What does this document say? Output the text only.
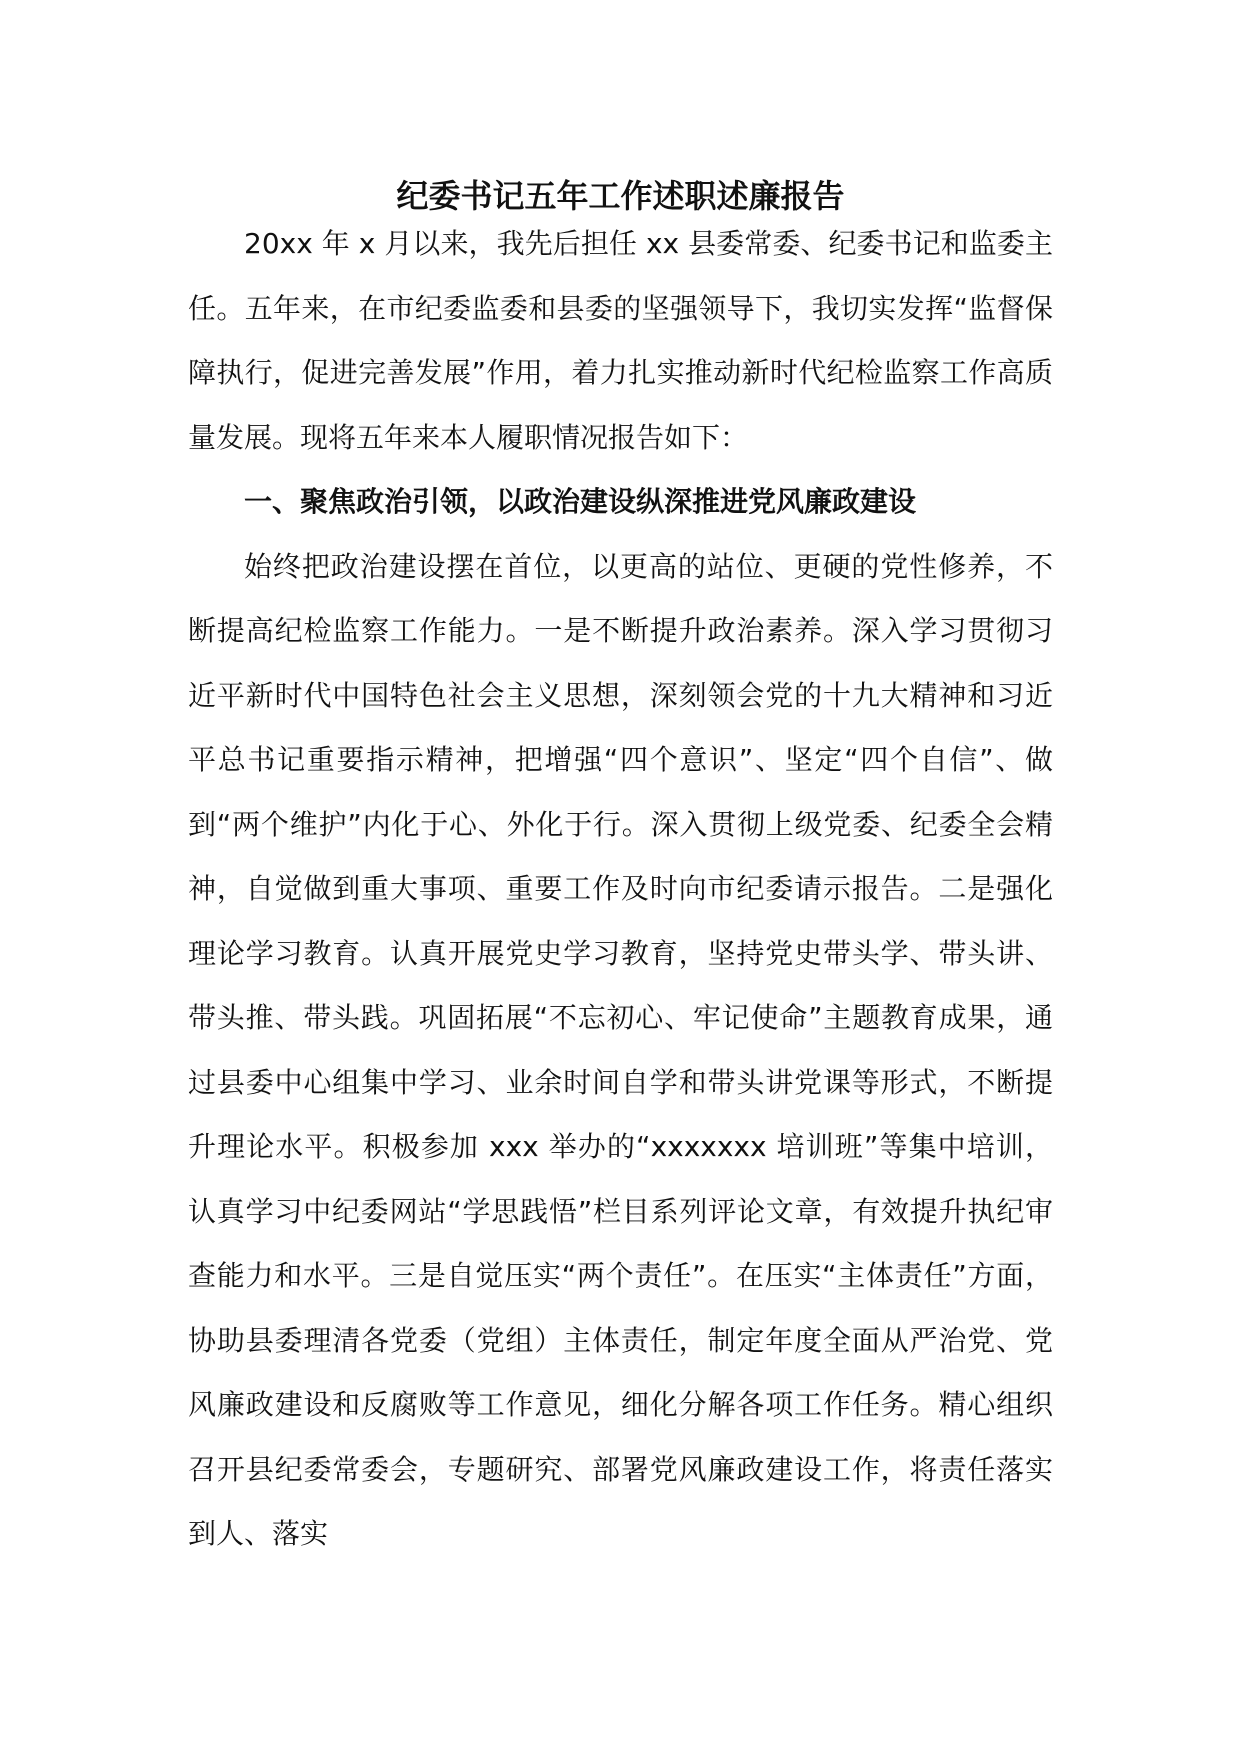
纪委书记五年工作述职述廉报告

20xx 年 x 月以来，我先后担任 xx 县委常委、纪委书记和监委主任。五年来，在市纪委监委和县委的坚强领导下，我切实发挥“监督保障执行，促进完善发展”作用，着力扎实推动新时代纪检监察工作高质量发展。现将五年来本人履职情况报告如下：

一、聚焦政治引领，以政治建设纵深推进党风廉政建设

始终把政治建设摆在首位，以更高的站位、更硬的党性修养，不断提高纪检监察工作能力。一是不断提升政治素养。深入学习贯彻习近平新时代中国特色社会主义思想，深刻领会党的十九大精神和习近平总书记重要指示精神，把增强“四个意识”、坚定“四个自信”、做到“两个维护”内化于心、外化于行。深入贯彻上级党委、纪委全会精神，自觉做到重大事项、重要工作及时向市纪委请示报告。二是强化理论学习教育。认真开展党史学习教育，坚持党史带头学、带头讲、带头推、带头践。巩固拓展“不忘初心、牢记使命”主题教育成果，通过县委中心组集中学习、业余时间自学和带头讲党课等形式，不断提升理论水平。积极参加 xxx 举办的“xxxxxxx 培训班”等集中培训，认真学习中纪委网站“学思践悟”栏目系列评论文章，有效提升执纪审查能力和水平。三是自觉压实“两个责任”。在压实“主体责任”方面，协助县委理清各党委（党组）主体责任，制定年度全面从严治党、党风廉政建设和反腐败等工作意见，细化分解各项工作任务。精心组织召开县纪委常委会，专题研究、部署党风廉政建设工作，将责任落实到人、落实
